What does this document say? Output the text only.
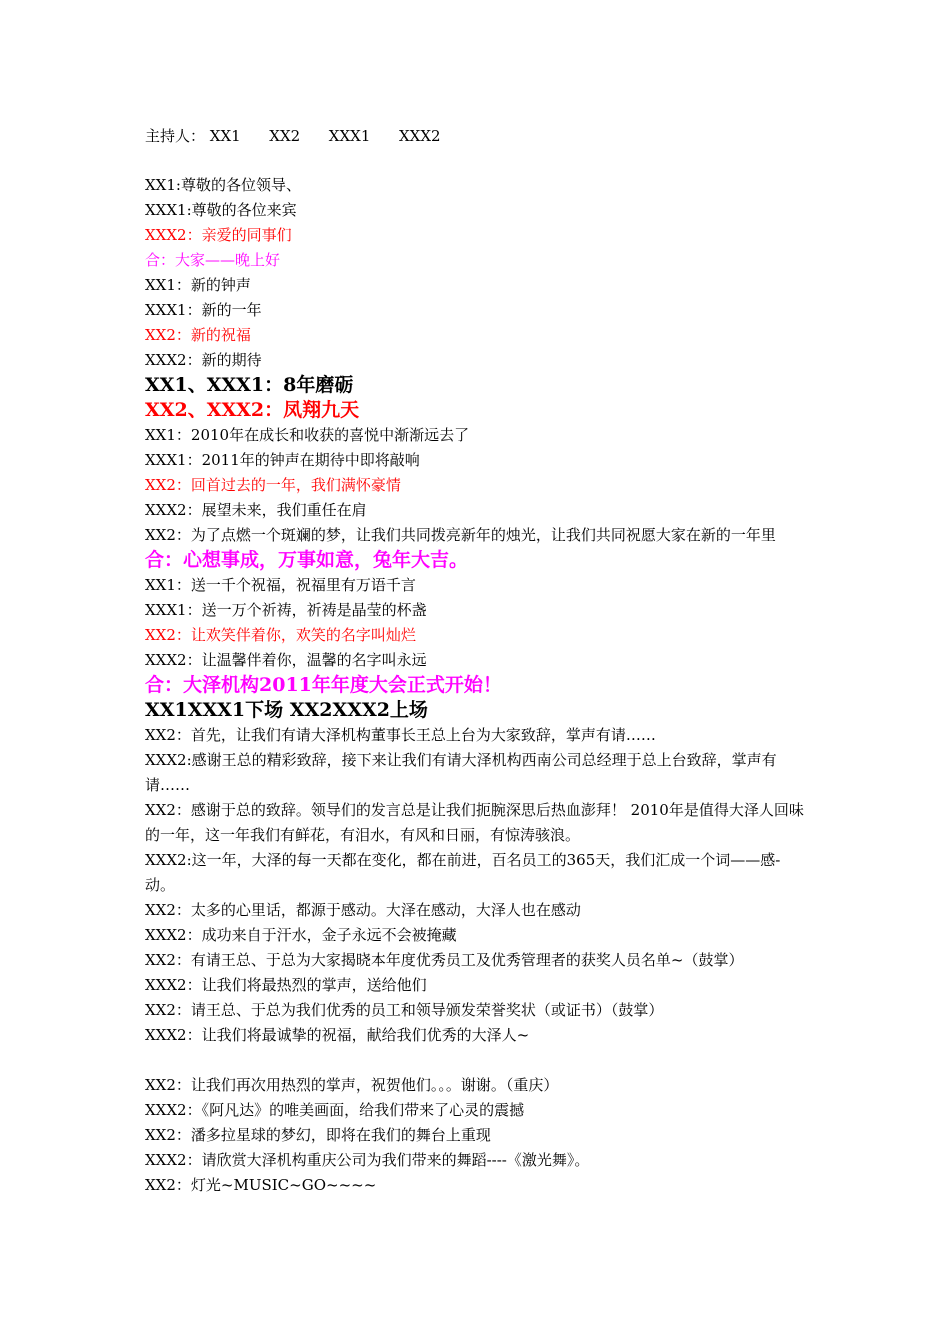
主持人： XX1      XX2      XXX1      XXX2
XX1:尊敬的各位领导、
XXX1:尊敬的各位来宾
XXX2：亲爱的同事们
合：大家——晚上好
XX1：新的钟声
XXX1：新的一年
XX2：新的祝福
XXX2：新的期待
XX1、XXX1：8年磨砺
XX2、XXX2：凤翔九天
XX1：2010年在成长和收获的喜悦中渐渐远去了
XXX1：2011年的钟声在期待中即将敲响
XX2：回首过去的一年，我们满怀豪情
XXX2：展望未来，我们重任在肩
XX2：为了点燃一个斑斓的梦，让我们共同拨亮新年的烛光，让我们共同祝愿大家在新的一年里
合：心想事成，万事如意，兔年大吉。
XX1：送一千个祝福，祝福里有万语千言
XXX1：送一万个祈祷，祈祷是晶莹的杯盏
XX2：让欢笑伴着你，欢笑的名字叫灿烂
XXX2：让温馨伴着你，温馨的名字叫永远
合：大泽机构2011年年度大会正式开始！
XX1XXX1下场 XX2XXX2上场
XX2：首先，让我们有请大泽机构董事长王总上台为大家致辞，掌声有请……
XXX2:感谢王总的精彩致辞，接下来让我们有请大泽机构西南公司总经理于总上台致辞，掌声有请……
XX2：感谢于总的致辞。领导们的发言总是让我们扼腕深思后热血澎拜！ 2010年是值得大泽人回味的一年，这一年我们有鲜花，有泪水，有风和日丽，有惊涛骇浪。
XXX2:这一年，大泽的每一天都在变化，都在前进，百名员工的365天，我们汇成一个词——感-动。
XX2：太多的心里话，都源于感动。大泽在感动，大泽人也在感动
XXX2：成功来自于汗水，金子永远不会被掩藏
XX2：有请王总、于总为大家揭晓本年度优秀员工及优秀管理者的获奖人员名单~（鼓掌）
XXX2：让我们将最热烈的掌声，送给他们
XX2：请王总、于总为我们优秀的员工和领导颁发荣誉奖状（或证书）（鼓掌）
XXX2：让我们将最诚挚的祝福，献给我们优秀的大泽人~
XX2：让我们再次用热烈的掌声，祝贺他们。。。谢谢。（重庆）
XXX2：《阿凡达》的唯美画面，给我们带来了心灵的震撼
XX2：潘多拉星球的梦幻，即将在我们的舞台上重现
XXX2：请欣赏大泽机构重庆公司为我们带来的舞蹈----《激光舞》。
XX2：灯光~MUSIC~GO~~~~
